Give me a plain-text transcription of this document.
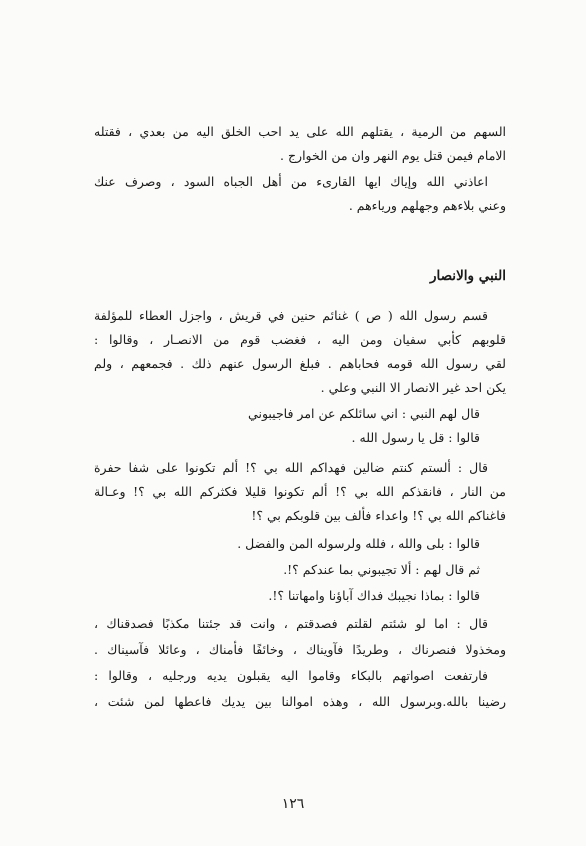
السهم من الرمية ، يقتلهم الله على يد احب الخلق اليه من بعدي ، فقتله
الامام فيمن قتل يوم النهر وان من الخوارج .
اعاذني الله وإياك ايها القارىء من أهل الجباه السود ، وصرف عنك
وعني بلاءهم وجهلهم ورياءهم .
النبي والانصار
قسم رسول الله ( ص ) غنائم حنين في قريش ، واجزل العطاء للمؤلفة
قلوبهم كأبي سفيان ومن اليه ، فغضب قوم من الانصـار ، وقالوا :
لقي رسول الله قومه فحاباهم . فبلغ الرسول عنهم ذلك . فجمعهم ، ولم
يكن احد غير الانصار الا النبي وعلي .
قال لهم النبي : اني سائلكم عن امر فاجيبوني
قالوا : قل يا رسول الله .
قال : ألستم كنتم ضالين فهداكم الله بي ؟! ألم تكونوا على شفا حفرة
من النار ، فانقذكم الله بي ؟! ألم تكونوا قليلا فكثركم الله بي ؟! وعـالة
فاغناكم الله بي ؟! واعداء فألف بين قلوبكم بي ؟!
قالوا : بلى والله ، فلله ولرسوله المن والفضل .
ثم قال لهم : ألا تجيبوني بما عندكم ؟!.
قالوا : بماذا نجيبك فداك آباؤنا وامهاتنا ؟!.
قال : اما لو شئتم لقلتم فصدقتم ، وانت قد جئتنا مكذبًا فصدقناك ،
ومخذولا فنصرناك ، وطريدًا فآويناك ، وخائفًا فأمناك ، وعائلا فآسيناك .
فارتفعت اصواتهم بالبكاء وقاموا اليه يقبلون يديه ورجليه ، وقالوا :
رضينا بالله.وبرسول الله ، وهذه اموالنا بين يديك فاعطها لمن شئت ،
١٢٦
